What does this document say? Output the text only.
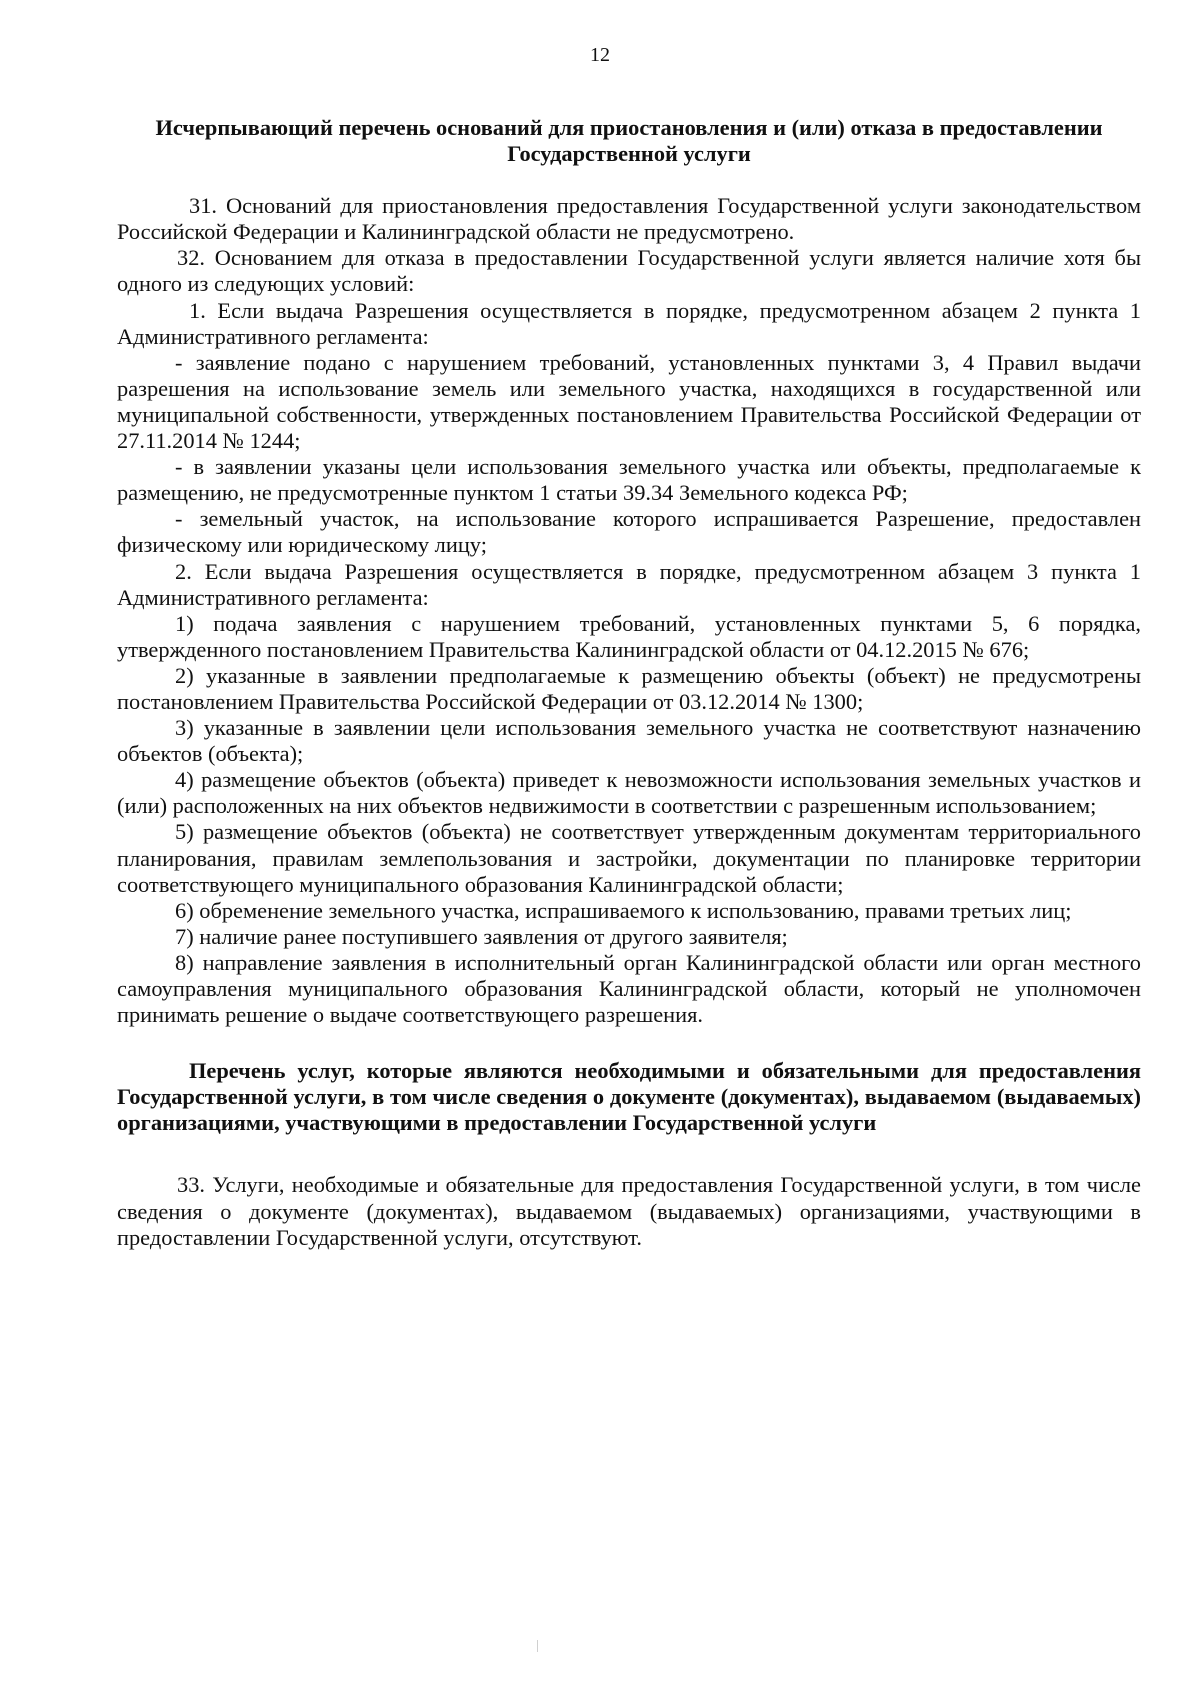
12

Исчерпывающий перечень оснований для приостановления и (или) отказа в предоставлении Государственной услуги

31. Оснований для приостановления предоставления Государственной услуги законодательством Российской Федерации и Калининградской области не предусмотрено.

32. Основанием для отказа в предоставлении Государственной услуги является наличие хотя бы одного из следующих условий:

1. Если выдача Разрешения осуществляется в порядке, предусмотренном абзацем 2 пункта 1 Административного регламента:

- заявление подано с нарушением требований, установленных пунктами 3, 4 Правил выдачи разрешения на использование земель или земельного участка, находящихся в государственной или муниципальной собственности, утвержденных постановлением Правительства Российской Федерации от 27.11.2014 № 1244;

- в заявлении указаны цели использования земельного участка или объекты, предполагаемые к размещению, не предусмотренные пунктом 1 статьи 39.34 Земельного кодекса РФ;

- земельный участок, на использование которого испрашивается Разрешение, предоставлен физическому или юридическому лицу;

2. Если выдача Разрешения осуществляется в порядке, предусмотренном абзацем 3 пункта 1 Административного регламента:

1) подача заявления с нарушением требований, установленных пунктами 5, 6 порядка, утвержденного постановлением Правительства Калининградской области от 04.12.2015 № 676;

2) указанные в заявлении предполагаемые к размещению объекты (объект) не предусмотрены постановлением Правительства Российской Федерации от 03.12.2014 № 1300;

3) указанные в заявлении цели использования земельного участка не соответствуют назначению объектов (объекта);

4) размещение объектов (объекта) приведет к невозможности использования земельных участков и (или) расположенных на них объектов недвижимости в соответствии с разрешенным использованием;

5) размещение объектов (объекта) не соответствует утвержденным документам территориального планирования, правилам землепользования и застройки, документации по планировке территории соответствующего муниципального образования Калининградской области;

6) обременение земельного участка, испрашиваемого к использованию, правами третьих лиц;

7) наличие ранее поступившего заявления от другого заявителя;

8) направление заявления в исполнительный орган Калининградской области или орган местного самоуправления муниципального образования Калининградской области, который не уполномочен принимать решение о выдаче соответствующего разрешения.

Перечень услуг, которые являются необходимыми и обязательными для предоставления Государственной услуги, в том числе сведения о документе (документах), выдаваемом (выдаваемых) организациями, участвующими в предоставлении Государственной услуги

33. Услуги, необходимые и обязательные для предоставления Государственной услуги, в том числе сведения о документе (документах), выдаваемом (выдаваемых) организациями, участвующими в предоставлении Государственной услуги, отсутствуют.
